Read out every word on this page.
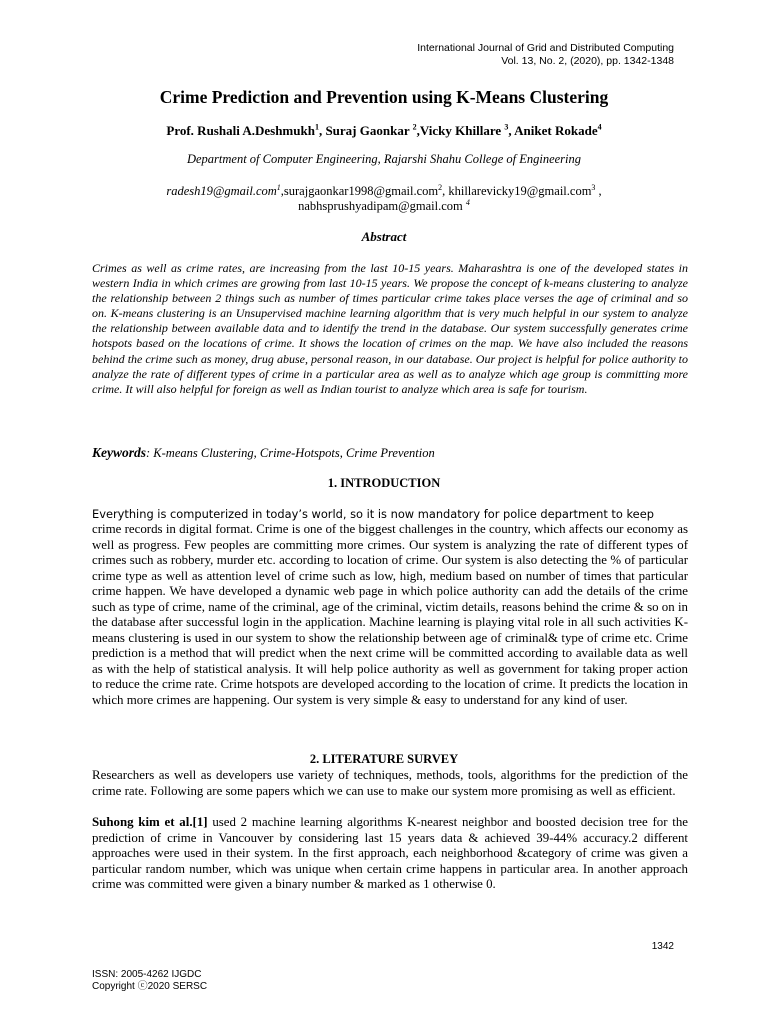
International Journal of Grid and Distributed Computing
Vol. 13, No. 2, (2020), pp. 1342-1348
Crime Prediction and Prevention using K-Means Clustering
Prof. Rushali A.Deshmukh$^1$, Suraj Gaonkar $^2$,Vicky Khillare $^3$, Aniket Rokade$^4$
Department of Computer Engineering, Rajarshi Shahu College of Engineering
radesh19@gmail.com$^1$,surajgaonkar1998@gmail.com$^2$, khillarevicky19@gmail.com$^3$ ,
nabhsprushyadipam@gmail.com $^4$
Abstract

Crimes as well as crime rates, are increasing from the last 10-15 years. Maharashtra is one of the developed states in western India in which crimes are growing from last 10-15 years. We propose the concept of k-means clustering to analyze the relationship between 2 things such as number of times particular crime takes place verses the age of criminal and so on. K-means clustering is an Unsupervised machine learning algorithm that is very much helpful in our system to analyze the relationship between available data and to identify the trend in the database. Our system successfully generates crime hotspots based on the locations of crime. It shows the location of crimes on the map. We have also included the reasons behind the crime such as money, drug abuse, personal reason, in our database. Our project is helpful for police authority to analyze the rate of different types of crime in a particular area as well as to analyze which age group is committing more crime. It will also helpful for foreign as well as Indian tourist to analyze which area is safe for tourism.

Keywords: K-means Clustering, Crime-Hotspots, Crime Prevention
1. INTRODUCTION
Everything is computerized in today’s world, so it is now mandatory for police department to keep

crime records in digital format. Crime is one of the biggest challenges in the country, which affects our economy as well as progress. Few peoples are committing more crimes. Our system is analyzing the rate of different types of crimes such as robbery, murder etc. according to location of crime. Our system is also detecting the % of particular crime type as well as attention level of crime such as low, high, medium based on number of times that particular crime happen. We have developed a dynamic web page in which police authority can add the details of the crime such as type of crime, name of the criminal, age of the criminal, victim details, reasons behind the crime & so on in the database after successful login in the application. Machine learning is playing vital role in all such activities K-means clustering is used in our system to show the relationship between age of criminal& type of crime etc. Crime prediction is a method that will predict when the next crime will be committed according to available data as well as with the help of statistical analysis. It will help police authority as well as government for taking proper action to reduce the crime rate. Crime hotspots are developed according to the location of crime. It predicts the location in which more crimes are happening. Our system is very simple & easy to understand for any kind of user.

2. LITERATURE SURVEY

Researchers as well as developers use variety of techniques, methods, tools, algorithms for the prediction of the crime rate. Following are some papers which we can use to make our system more promising as well as efficient.

Suhong kim et al.[1] used 2 machine learning algorithms K-nearest neighbor and boosted decision tree for the prediction of crime in Vancouver by considering last 15 years data & achieved 39-44% accuracy.2 different approaches were used in their system. In the first approach, each neighborhood &category of crime was given a particular random number, which was unique when certain crime happens in particular area. In another approach crime was committed were given a binary number & marked as 1 otherwise 0.

1342
ISSN: 2005-4262 IJGDC
Copyright ⓒ2020 SERSC
